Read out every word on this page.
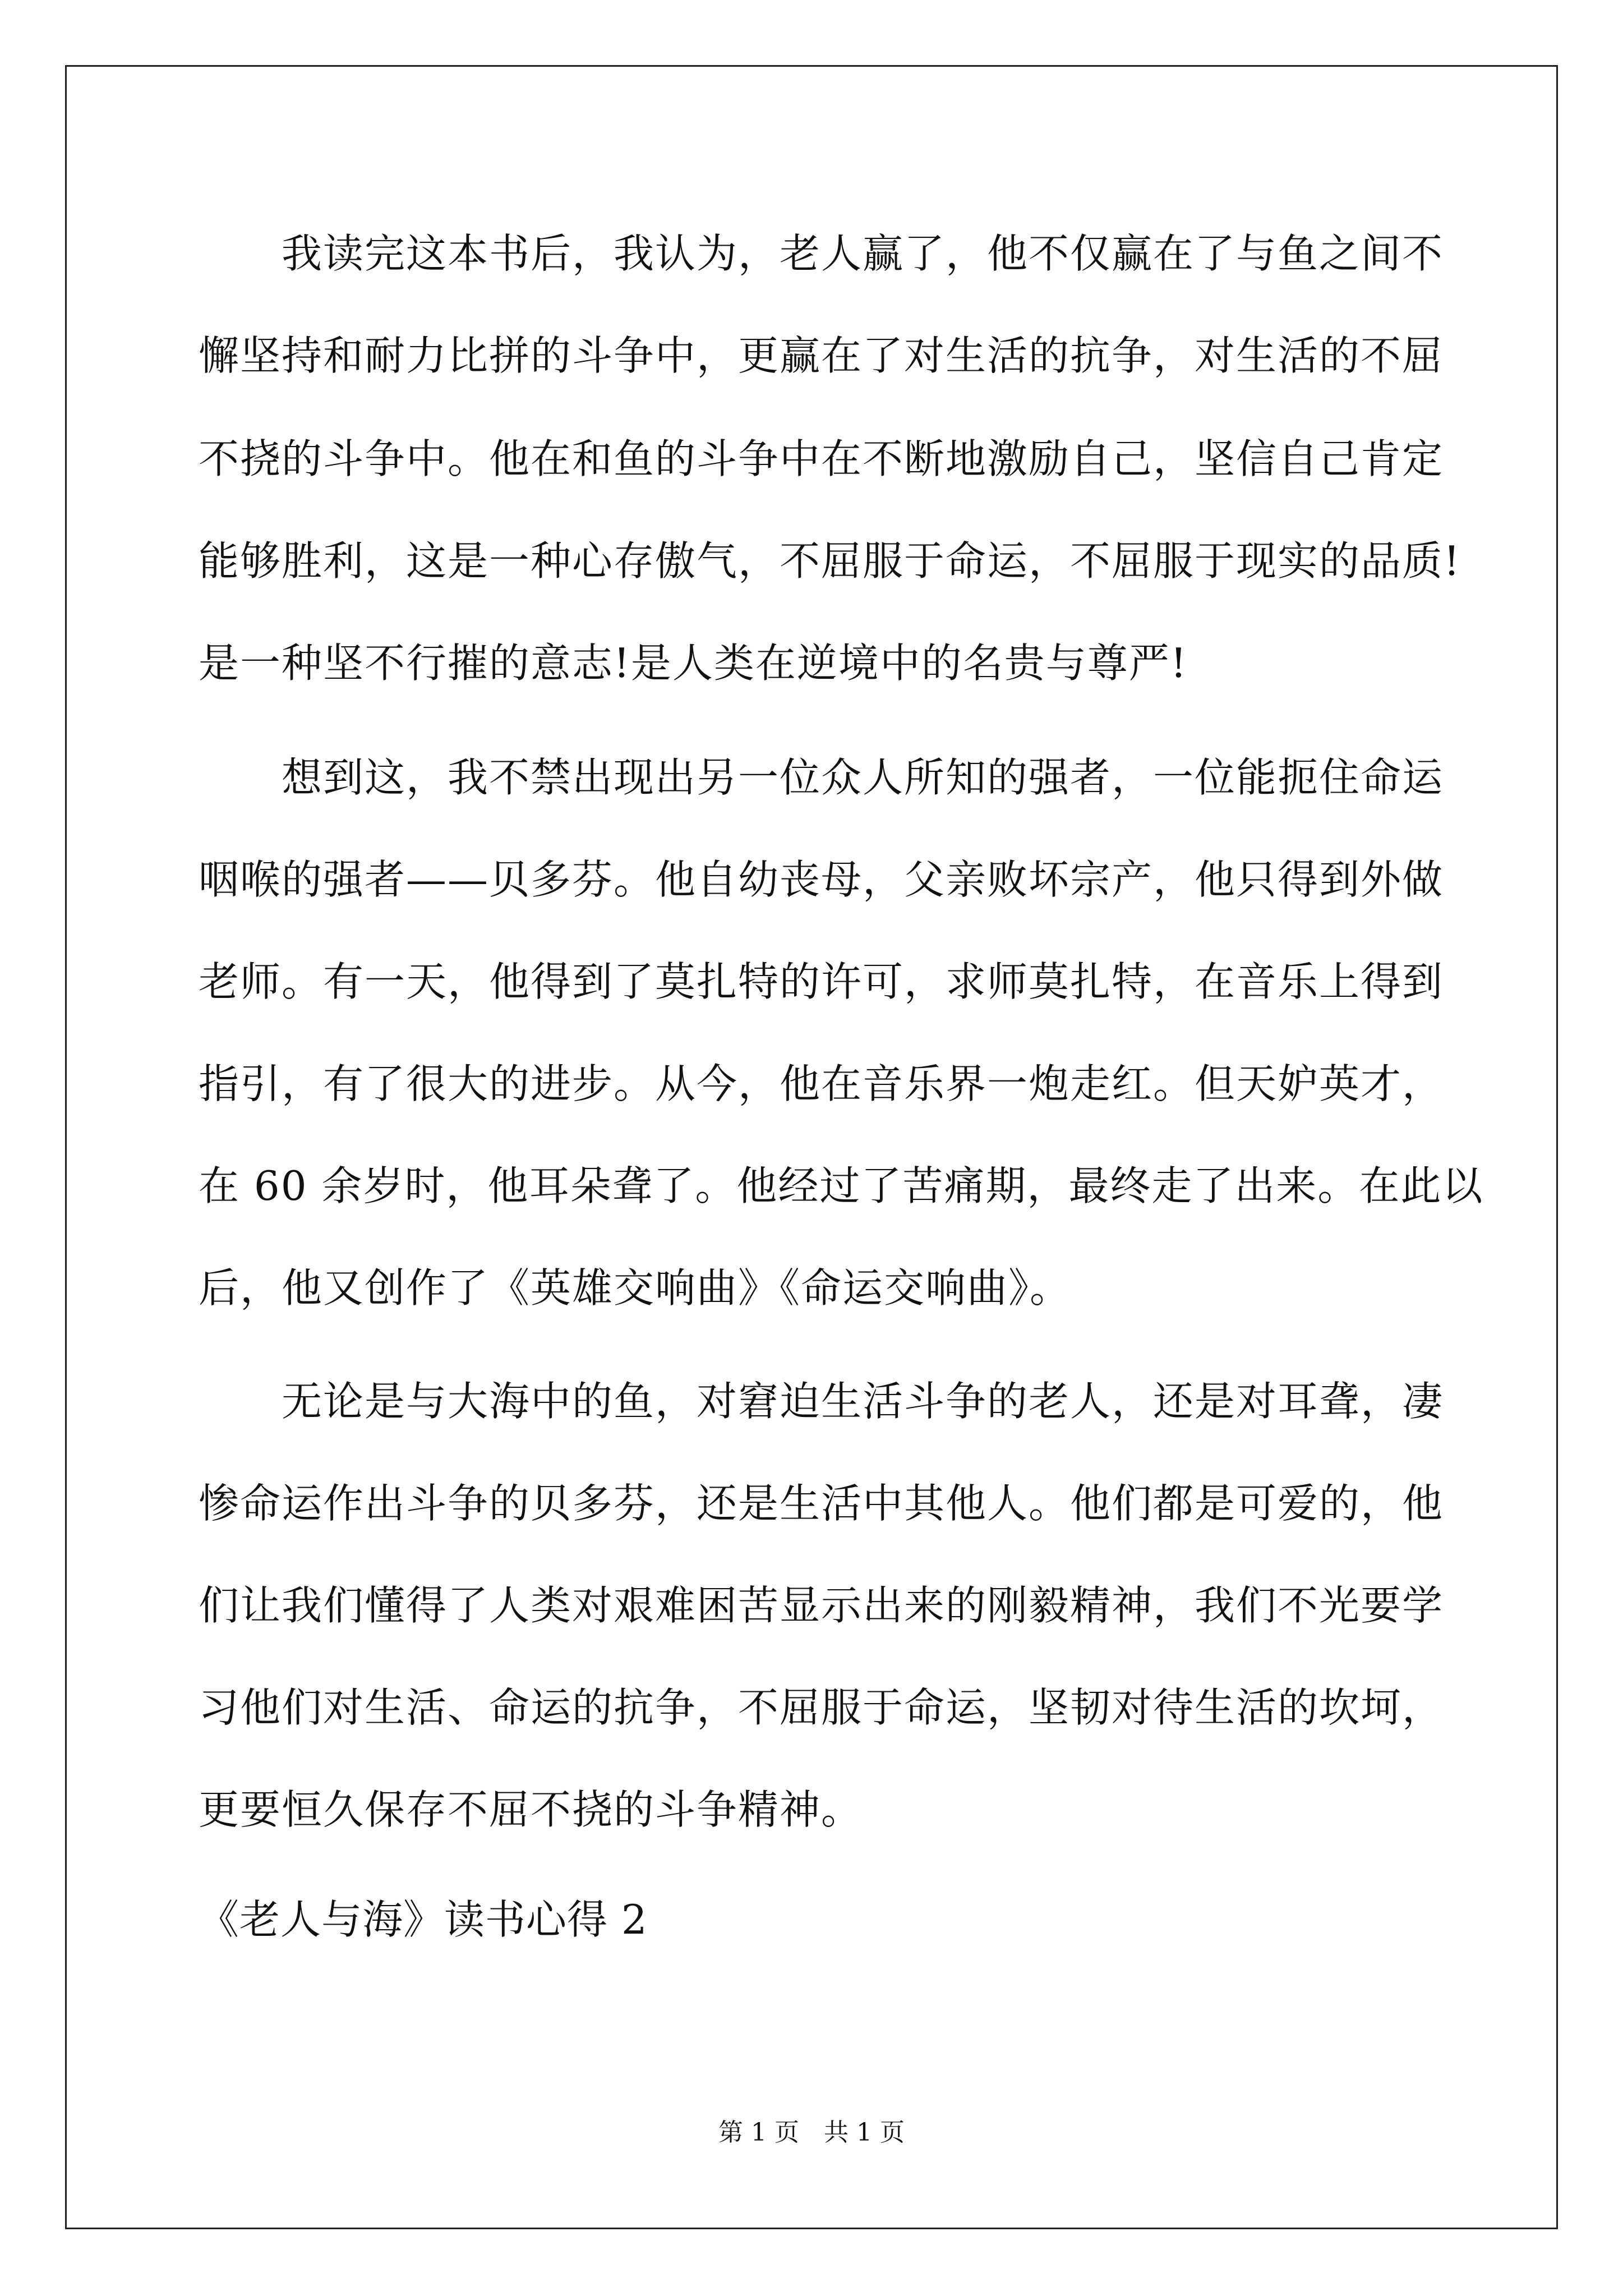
　　我读完这本书后，我认为，老人赢了，他不仅赢在了与鱼之间不
懈坚持和耐力比拼的斗争中，更赢在了对生活的抗争，对生活的不屈
不挠的斗争中。他在和鱼的斗争中在不断地激励自己，坚信自己肯定
能够胜利，这是一种心存傲气，不屈服于命运，不屈服于现实的品质!
是一种坚不行摧的意志!是人类在逆境中的名贵与尊严!
　　想到这，我不禁出现出另一位众人所知的强者，一位能扼住命运
咽喉的强者——贝多芬。他自幼丧母，父亲败坏宗产，他只得到外做
老师。有一天，他得到了莫扎特的许可，求师莫扎特，在音乐上得到
指引，有了很大的进步。从今，他在音乐界一炮走红。但天妒英才，
在 60 余岁时，他耳朵聋了。他经过了苦痛期，最终走了出来。在此以
后，他又创作了《英雄交响曲》《命运交响曲》。
　　无论是与大海中的鱼，对窘迫生活斗争的老人，还是对耳聋，凄
惨命运作出斗争的贝多芬，还是生活中其他人。他们都是可爱的，他
们让我们懂得了人类对艰难困苦显示出来的刚毅精神，我们不光要学
习他们对生活、命运的抗争，不屈服于命运，坚韧对待生活的坎坷，
更要恒久保存不屈不挠的斗争精神。
《老人与海》读书心得 2
第 1 页　共 1 页
